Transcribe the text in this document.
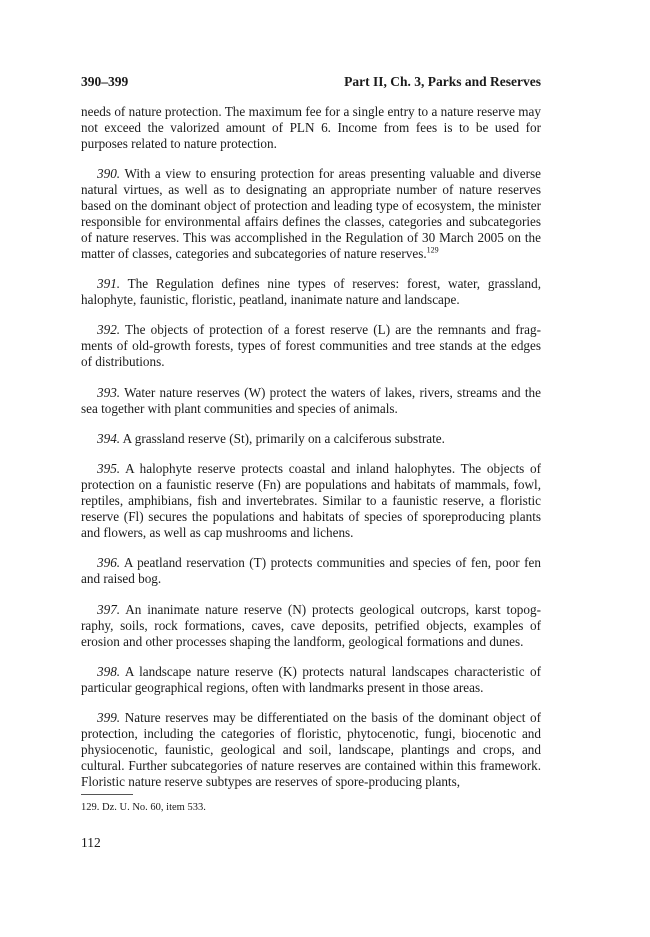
390–399	Part II, Ch. 3, Parks and Reserves

needs of nature protection. The maximum fee for a single entry to a nature reserve may not exceed the valorized amount of PLN 6. Income from fees is to be used for purposes related to nature protection.

390. With a view to ensuring protection for areas presenting valuable and diverse natural virtues, as well as to designating an appropriate number of nature reserves based on the dominant object of protection and leading type of ecosystem, the minister responsible for environmental affairs defines the classes, categories and subcategories of nature reserves. This was accomplished in the Regulation of 30 March 2005 on the matter of classes, categories and subcategories of nature reserves.$^{129}$

391. The Regulation defines nine types of reserves: forest, water, grassland, halophyte, faunistic, floristic, peatland, inanimate nature and landscape.

392. The objects of protection of a forest reserve (L) are the remnants and fragments of old-growth forests, types of forest communities and tree stands at the edges of distributions.

393. Water nature reserves (W) protect the waters of lakes, rivers, streams and the sea together with plant communities and species of animals.

394. A grassland reserve (St), primarily on a calciferous substrate.

395. A halophyte reserve protects coastal and inland halophytes. The objects of protection on a faunistic reserve (Fn) are populations and habitats of mammals, fowl, reptiles, amphibians, fish and invertebrates. Similar to a faunistic reserve, a floristic reserve (Fl) secures the populations and habitats of species of sporeproducing plants and flowers, as well as cap mushrooms and lichens.

396. A peatland reservation (T) protects communities and species of fen, poor fen and raised bog.

397. An inanimate nature reserve (N) protects geological outcrops, karst topography, soils, rock formations, caves, cave deposits, petrified objects, examples of erosion and other processes shaping the landform, geological formations and dunes.

398. A landscape nature reserve (K) protects natural landscapes characteristic of particular geographical regions, often with landmarks present in those areas.

399. Nature reserves may be differentiated on the basis of the dominant object of protection, including the categories of floristic, phytocenotic, fungi, biocenotic and physiocenotic, faunistic, geological and soil, landscape, plantings and crops, and cultural. Further subcategories of nature reserves are contained within this framework. Floristic nature reserve subtypes are reserves of spore-producing plants,

129. Dz. U. No. 60, item 533.
112
